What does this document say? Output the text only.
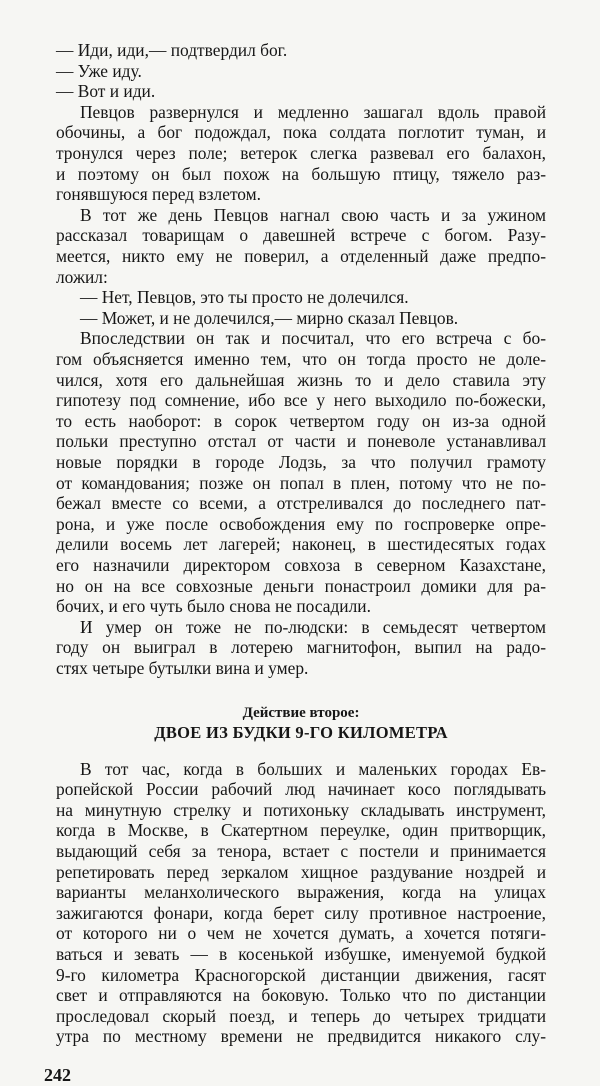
— Иди, иди,— подтвердил бог.
— Уже иду.
— Вот и иди.
Певцов развернулся и медленно зашагал вдоль правой
обочины, а бог подождал, пока солдата поглотит туман, и
тронулся через поле; ветерок слегка развевал его балахон,
и поэтому он был похож на большую птицу, тяжело раз-
гонявшуюся перед взлетом.
В тот же день Певцов нагнал свою часть и за ужином
рассказал товарищам о давешней встрече с богом. Разу-
меется, никто ему не поверил, а отделенный даже предпо-
ложил:
— Нет, Певцов, это ты просто не долечился.
— Может, и не долечился,— мирно сказал Певцов.
Впоследствии он так и посчитал, что его встреча с бо-
гом объясняется именно тем, что он тогда просто не доле-
чился, хотя его дальнейшая жизнь то и дело ставила эту
гипотезу под сомнение, ибо все у него выходило по-божески,
то есть наоборот: в сорок четвертом году он из-за одной
польки преступно отстал от части и поневоле устанавливал
новые порядки в городе Лодзь, за что получил грамоту
от командования; позже он попал в плен, потому что не по-
бежал вместе со всеми, а отстреливался до последнего пат-
рона, и уже после освобождения ему по госпроверке опре-
делили восемь лет лагерей; наконец, в шестидесятых годах
его назначили директором совхоза в северном Казахстане,
но он на все совхозные деньги понастроил домики для ра-
бочих, и его чуть было снова не посадили.
И умер он тоже не по-людски: в семьдесят четвертом
году он выиграл в лотерею магнитофон, выпил на радо-
стях четыре бутылки вина и умер.
Действие второе:
ДВОЕ ИЗ БУДКИ 9-ГО КИЛОМЕТРА
В тот час, когда в больших и маленьких городах Ев-
ропейской России рабочий люд начинает косо поглядывать
на минутную стрелку и потихоньку складывать инструмент,
когда в Москве, в Скатертном переулке, один притворщик,
выдающий себя за тенора, встает с постели и принимается
репетировать перед зеркалом хищное раздувание ноздрей и
варианты меланхолического выражения, когда на улицах
зажигаются фонари, когда берет силу противное настроение,
от которого ни о чем не хочется думать, а хочется потяги-
ваться и зевать — в косенькой избушке, именуемой будкой
9-го километра Красногорской дистанции движения, гасят
свет и отправляются на боковую. Только что по дистанции
проследовал скорый поезд, и теперь до четырех тридцати
утра по местному времени не предвидится никакого слу-
242
